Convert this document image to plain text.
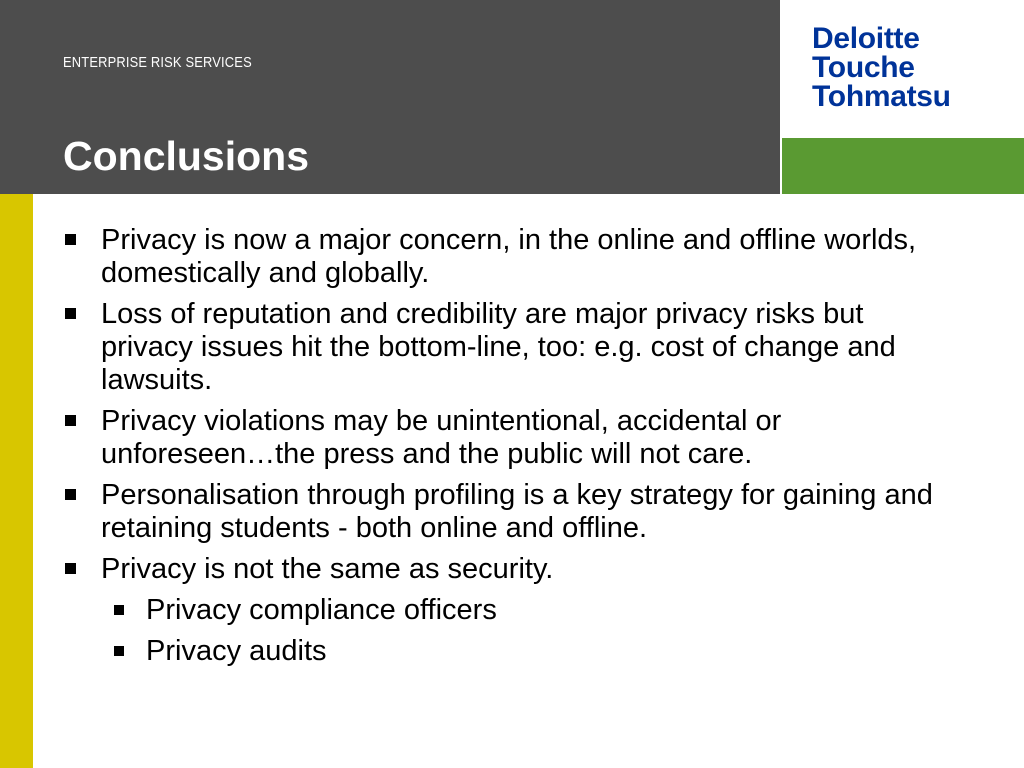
ENTERPRISE RISK SERVICES
Conclusions
Deloitte
Touche
Tohmatsu
Privacy is now a major concern, in the online and offline worlds, domestically and globally.
Loss of reputation and credibility are major privacy risks but privacy issues hit the bottom-line, too: e.g. cost of change and lawsuits.
Privacy violations may be unintentional, accidental or unforeseen…the press and the public will not care.
Personalisation through profiling is a key strategy for gaining and retaining students - both online and offline.
Privacy is not the same as security.
Privacy compliance officers
Privacy audits
